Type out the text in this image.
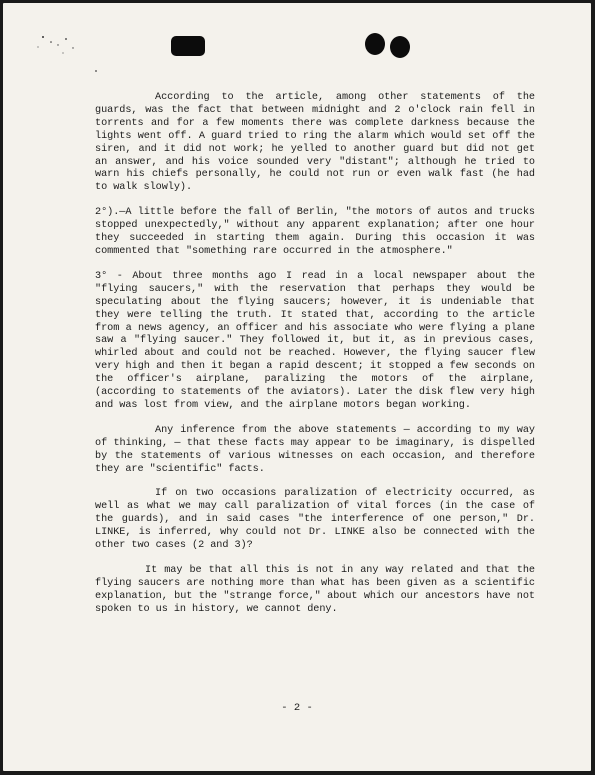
According to the article, among other statements of the guards, was the fact that between midnight and 2 o'clock rain fell in torrents and for a few moments there was complete darkness because the lights went off. A guard tried to ring the alarm which would set off the siren, and it did not work; he yelled to another guard but did not get an answer, and his voice sounded very "distant"; although he tried to warn his chiefs personally, he could not run or even walk fast (he had to walk slowly).

2°).—A little before the fall of Berlin, "the motors of autos and trucks stopped unexpectedly," without any apparent explanation; after one hour they succeeded in starting them again. During this occasion it was commented that "something rare occurred in the atmosphere."

3° - About three months ago I read in a local newspaper about the "flying saucers," with the reservation that perhaps they would be speculating about the flying saucers; however, it is undeniable that they were telling the truth. It stated that, according to the article from a news agency, an officer and his associate who were flying a plane saw a "flying saucer." They followed it, but it, as in previous cases, whirled about and could not be reached. However, the flying saucer flew very high and then it began a rapid descent; it stopped a few seconds on the officer's airplane, paralizing the motors of the airplane, (according to statements of the aviators). Later the disk flew very high and was lost from view, and the airplane motors began working.

Any inference from the above statements — according to my way of thinking, — that these facts may appear to be imaginary, is dispelled by the statements of various witnesses on each occasion, and therefore they are "scientific" facts.

If on two occasions paralization of electricity occurred, as well as what we may call paralization of vital forces (in the case of the guards), and in said cases "the interference of one person," Dr. LINKE, is inferred, why could not Dr. LINKE also be connected with the other two cases (2 and 3)?

It may be that all this is not in any way related and that the flying saucers are nothing more than what has been given as a scientific explanation, but the "strange force," about which our ancestors have not spoken to us in history, we cannot deny.

- 2 -
